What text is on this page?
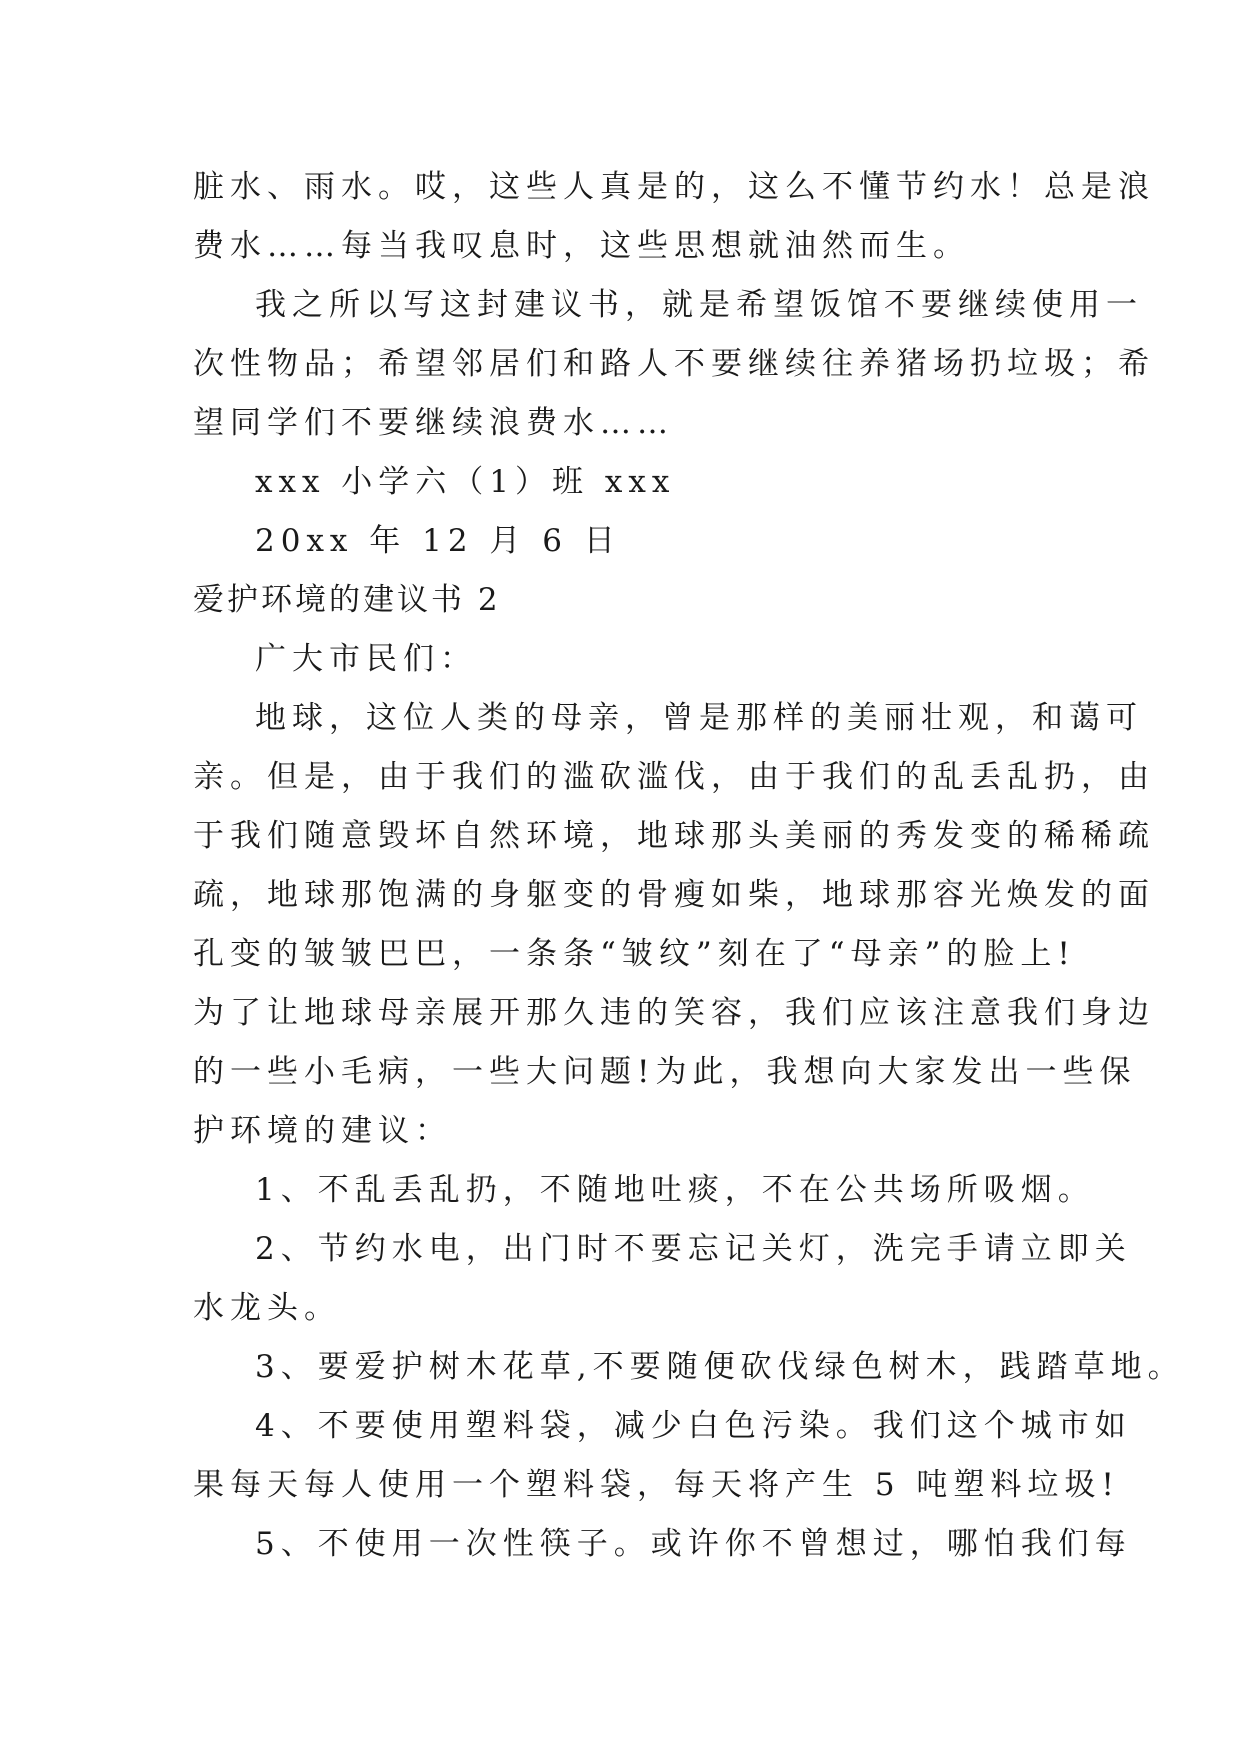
脏水、雨水。哎，这些人真是的，这么不懂节约水！总是浪
费水……每当我叹息时，这些思想就油然而生。
我之所以写这封建议书，就是希望饭馆不要继续使用一
次性物品；希望邻居们和路人不要继续往养猪场扔垃圾；希
望同学们不要继续浪费水……
xxx 小学六（1）班 xxx
20xx 年 12 月 6 日
爱护环境的建议书 2
广大市民们：
地球，这位人类的母亲，曾是那样的美丽壮观，和蔼可
亲。但是，由于我们的滥砍滥伐，由于我们的乱丢乱扔，由
于我们随意毁坏自然环境，地球那头美丽的秀发变的稀稀疏
疏，地球那饱满的身躯变的骨瘦如柴，地球那容光焕发的面
孔变的皱皱巴巴，一条条“皱纹”刻在了“母亲”的脸上!
为了让地球母亲展开那久违的笑容，我们应该注意我们身边
的一些小毛病，一些大问题!为此，我想向大家发出一些保
护环境的建议：
1、不乱丢乱扔，不随地吐痰，不在公共场所吸烟。
2、节约水电，出门时不要忘记关灯，洗完手请立即关
水龙头。
3、要爱护树木花草,不要随便砍伐绿色树木，践踏草地。
4、不要使用塑料袋，减少白色污染。我们这个城市如
果每天每人使用一个塑料袋，每天将产生 5 吨塑料垃圾!
5、不使用一次性筷子。或许你不曾想过，哪怕我们每
